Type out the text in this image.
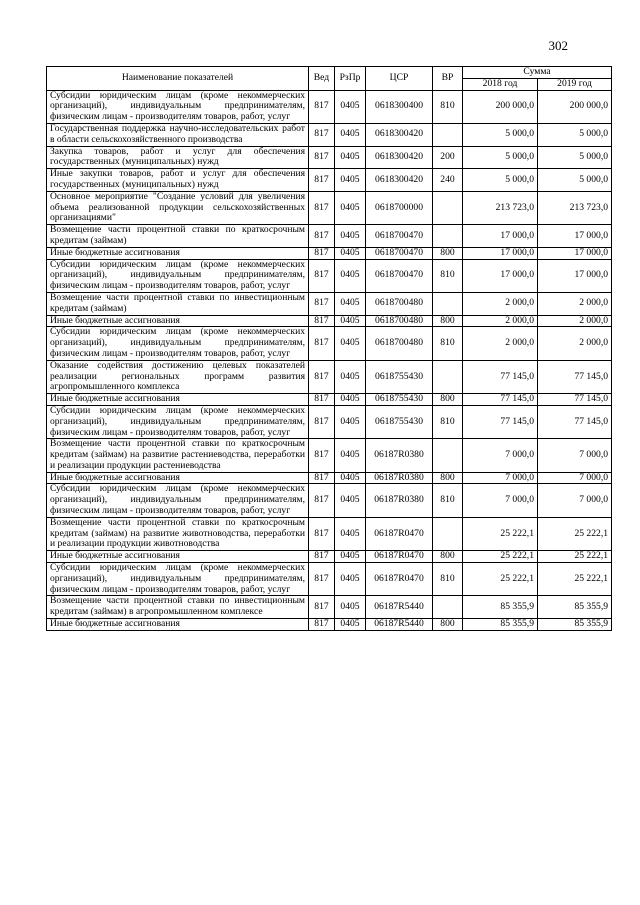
302
Наименование показателей	Вед	РзПр	ЦСР	ВР	Сумма	
					2018 год	2019 год
Субсидии юридическим лицам (кроме некоммерческих организаций), индивидуальным предпринимателям, физическим лицам - производителям товаров, работ, услуг	817	0405	0618300400	810	200 000,0	200 000,0
Государственная поддержка научно-исследовательских работ в области сельскохозяйственного производства	817	0405	0618300420		5 000,0	5 000,0
Закупка товаров, работ и услуг для обеспечения государственных (муниципальных) нужд	817	0405	0618300420	200	5 000,0	5 000,0
Иные закупки товаров, работ и услуг для обеспечения государственных (муниципальных) нужд	817	0405	0618300420	240	5 000,0	5 000,0
Основное мероприятие "Создание условий для увеличения объема реализованной продукции сельскохозяйственных организациями"	817	0405	0618700000		213 723,0	213 723,0
Возмещение части процентной ставки по краткосрочным кредитам (займам)	817	0405	0618700470		17 000,0	17 000,0
Иные бюджетные ассигнования	817	0405	0618700470	800	17 000,0	17 000,0
Субсидии юридическим лицам (кроме некоммерческих организаций), индивидуальным предпринимателям, физическим лицам - производителям товаров, работ, услуг	817	0405	0618700470	810	17 000,0	17 000,0
Возмещение части процентной ставки по инвестиционным кредитам (займам)	817	0405	0618700480		2 000,0	2 000,0
Иные бюджетные ассигнования	817	0405	0618700480	800	2 000,0	2 000,0
Субсидии юридическим лицам (кроме некоммерческих организаций), индивидуальным предпринимателям, физическим лицам - производителям товаров, работ, услуг	817	0405	0618700480	810	2 000,0	2 000,0
Оказание содействия достижению целевых показателей реализации региональных программ развития агропромышленного комплекса	817	0405	0618755430		77 145,0	77 145,0
Иные бюджетные ассигнования	817	0405	0618755430	800	77 145,0	77 145,0
Субсидии юридическим лицам (кроме некоммерческих организаций), индивидуальным предпринимателям, физическим лицам - производителям товаров, работ, услуг	817	0405	0618755430	810	77 145,0	77 145,0
Возмещение части процентной ставки по краткосрочным кредитам (займам) на развитие растениеводства, переработки и реализации продукции растениеводства	817	0405	06187R0380		7 000,0	7 000,0
Иные бюджетные ассигнования	817	0405	06187R0380	800	7 000,0	7 000,0
Субсидии юридическим лицам (кроме некоммерческих организаций), индивидуальным предпринимателям, физическим лицам - производителям товаров, работ, услуг	817	0405	06187R0380	810	7 000,0	7 000,0
Возмещение части процентной ставки по краткосрочным кредитам (займам) на развитие животноводства, переработки и реализации продукции животноводства	817	0405	06187R0470		25 222,1	25 222,1
Иные бюджетные ассигнования	817	0405	06187R0470	800	25 222,1	25 222,1
Субсидии юридическим лицам (кроме некоммерческих организаций), индивидуальным предпринимателям, физическим лицам - производителям товаров, работ, услуг	817	0405	06187R0470	810	25 222,1	25 222,1
Возмещение части процентной ставки по инвестиционным кредитам (займам) в агропромышленном комплексе	817	0405	06187R5440		85 355,9	85 355,9
Иные бюджетные ассигнования	817	0405	06187R5440	800	85 355,9	85 355,9
